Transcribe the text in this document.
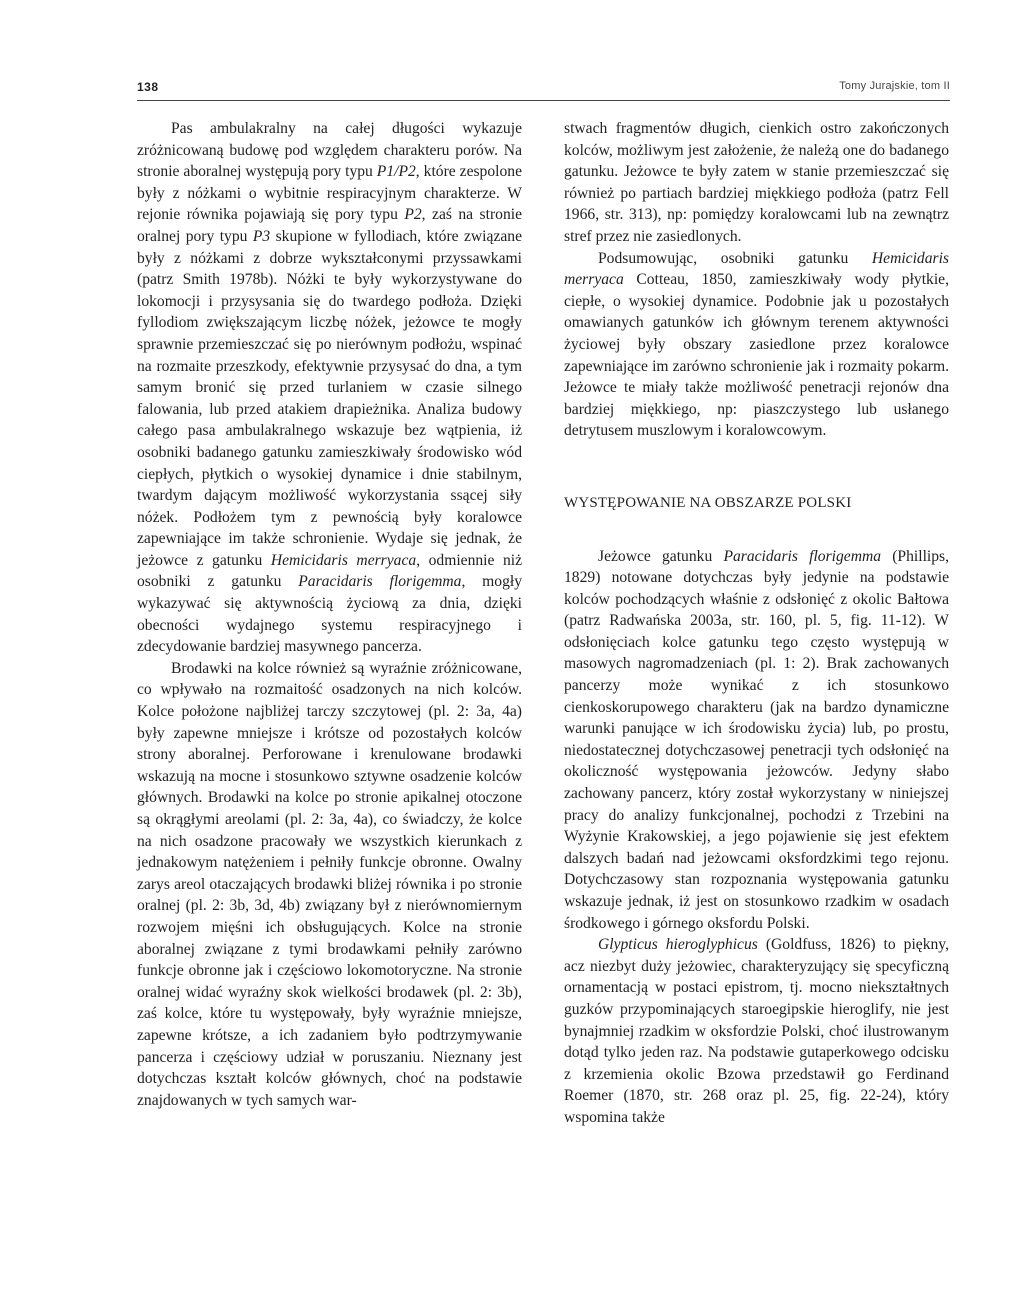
138	Tomy Jurajskie, tom II

Pas ambulakralny na całej długości wykazuje zróżnicowaną budowę pod względem charakteru porów. Na stronie aboralnej występują pory typu P1/P2, które zespolone były z nóżkami o wybitnie respiracyjnym charakterze. W rejonie równika pojawiają się pory typu P2, zaś na stronie oralnej pory typu P3 skupione w fyllodiach, które związane były z nóżkami z dobrze wykształconymi przyssawkami (patrz Smith 1978b). Nóżki te były wykorzystywane do lokomocji i przysysania się do twardego podłoża. Dzięki fyllodiom zwiększającym liczbę nóżek, jeżowce te mogły sprawnie przemieszczać się po nierównym podłożu, wspinać na rozmaite przeszkody, efektywnie przysysać do dna, a tym samym bronić się przed turlaniem w czasie silnego falowania, lub przed atakiem drapieżnika. Analiza budowy całego pasa ambulakralnego wskazuje bez wątpienia, iż osobniki badanego gatunku zamieszkiwały środowisko wód ciepłych, płytkich o wysokiej dynamice i dnie stabilnym, twardym dającym możliwość wykorzystania ssącej siły nóżek. Podłożem tym z pewnością były koralowce zapewniające im także schronienie. Wydaje się jednak, że jeżowce z gatunku Hemicidaris merryaca, odmiennie niż osobniki z gatunku Paracidaris florigemma, mogły wykazywać się aktywnością życiową za dnia, dzięki obecności wydajnego systemu respiracyjnego i zdecydowanie bardziej masywnego pancerza.

Brodawki na kolce również są wyraźnie zróżnicowane, co wpływało na rozmaitość osadzonych na nich kolców. Kolce położone najbliżej tarczy szczytowej (pl. 2: 3a, 4a) były zapewne mniejsze i krótsze od pozostałych kolców strony aboralnej. Perforowane i krenulowane brodawki wskazują na mocne i stosunkowo sztywne osadzenie kolców głównych. Brodawki na kolce po stronie apikalnej otoczone są okrągłymi areolami (pl. 2: 3a, 4a), co świadczy, że kolce na nich osadzone pracowały we wszystkich kierunkach z jednakowym natężeniem i pełniły funkcje obronne. Owalny zarys areol otaczających brodawki bliżej równika i po stronie oralnej (pl. 2: 3b, 3d, 4b) związany był z nierównomiernym rozwojem mięśni ich obsługujących. Kolce na stronie aboralnej związane z tymi brodawkami pełniły zarówno funkcje obronne jak i częściowo lokomotoryczne. Na stronie oralnej widać wyraźny skok wielkości brodawek (pl. 2: 3b), zaś kolce, które tu występowały, były wyraźnie mniejsze, zapewne krótsze, a ich zadaniem było podtrzymywanie pancerza i częściowy udział w poruszaniu. Nieznany jest dotychczas kształt kolców głównych, choć na podstawie znajdowanych w tych samych war-

stwach fragmentów długich, cienkich ostro zakończonych kolców, możliwym jest założenie, że należą one do badanego gatunku. Jeżowce te były zatem w stanie przemieszczać się również po partiach bardziej miękkiego podłoża (patrz Fell 1966, str. 313), np: pomiędzy koralowcami lub na zewnątrz stref przez nie zasiedlonych.

Podsumowując, osobniki gatunku Hemicidaris merryaca Cotteau, 1850, zamieszkiwały wody płytkie, ciepłe, o wysokiej dynamice. Podobnie jak u pozostałych omawianych gatunków ich głównym terenem aktywności życiowej były obszary zasiedlone przez koralowce zapewniające im zarówno schronienie jak i rozmaity pokarm. Jeżowce te miały także możliwość penetracji rejonów dna bardziej miękkiego, np: piaszczystego lub usłanego detrytusem muszlowym i koralowcowym.

WYSTĘPOWANIE NA OBSZARZE POLSKI

Jeżowce gatunku Paracidaris florigemma (Phillips, 1829) notowane dotychczas były jedynie na podstawie kolców pochodzących właśnie z odsłonięć z okolic Bałtowa (patrz Radwańska 2003a, str. 160, pl. 5, fig. 11-12). W odsłonięciach kolce gatunku tego często występują w masowych nagromadzeniach (pl. 1: 2). Brak zachowanych pancerzy może wynikać z ich stosunkowo cienkoskorupowego charakteru (jak na bardzo dynamiczne warunki panujące w ich środowisku życia) lub, po prostu, niedostatecznej dotychczasowej penetracji tych odsłonięć na okoliczność występowania jeżowców. Jedyny słabo zachowany pancerz, który został wykorzystany w niniejszej pracy do analizy funkcjonalnej, pochodzi z Trzebini na Wyżynie Krakowskiej, a jego pojawienie się jest efektem dalszych badań nad jeżowcami oksfordzkimi tego rejonu. Dotychczasowy stan rozpoznania występowania gatunku wskazuje jednak, iż jest on stosunkowo rzadkim w osadach środkowego i górnego oksfordu Polski.

Glypticus hieroglyphicus (Goldfuss, 1826) to piękny, acz niezbyt duży jeżowiec, charakteryzujący się specyficzną ornamentacją w postaci epistrom, tj. mocno niekształtnych guzków przypominających staroegipskie hieroglify, nie jest bynajmniej rzadkim w oksfordzie Polski, choć ilustrowanym dotąd tylko jeden raz. Na podstawie gutaperkowego odcisku z krzemienia okolic Bzowa przedstawił go Ferdinand Roemer (1870, str. 268 oraz pl. 25, fig. 22-24), który wspomina także
